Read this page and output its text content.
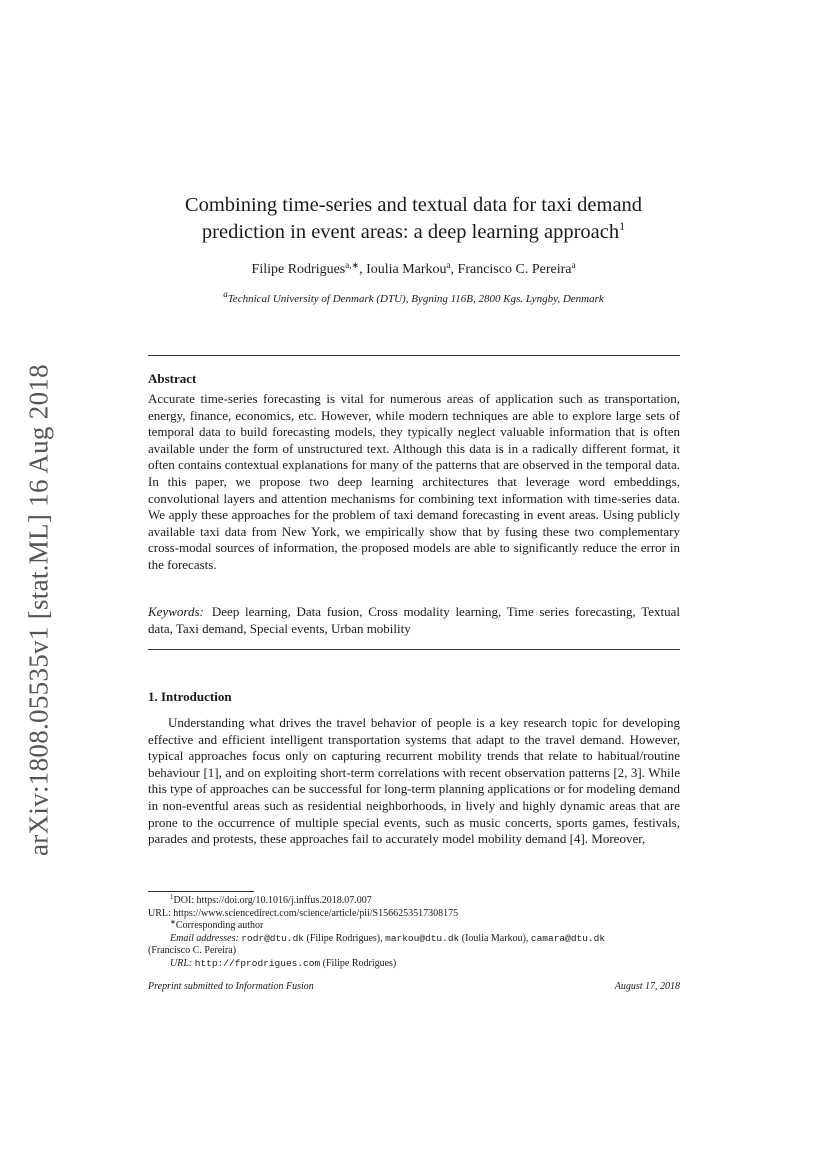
arXiv:1808.05535v1 [stat.ML] 16 Aug 2018
Combining time-series and textual data for taxi demand
prediction in event areas: a deep learning approach$^1$
Filipe Rodrigues$^{a,∗}$, Ioulia Markou$^a$, Francisco C. Pereira$^a$
$^a$Technical University of Denmark (DTU), Bygning 116B, 2800 Kgs. Lyngby, Denmark
Abstract
Accurate time-series forecasting is vital for numerous areas of application such as transportation, energy, finance, economics, etc. However, while modern techniques are able to explore large sets of temporal data to build forecasting models, they typically neglect valuable information that is often available under the form of unstructured text. Although this data is in a radically different format, it often contains contextual explanations for many of the patterns that are observed in the temporal data. In this paper, we propose two deep learning architectures that leverage word embeddings, convolutional layers and attention mechanisms for combining text information with time-series data. We apply these approaches for the problem of taxi demand forecasting in event areas. Using publicly available taxi data from New York, we empirically show that by fusing these two complementary cross-modal sources of information, the proposed models are able to significantly reduce the error in the forecasts.
Keywords: Deep learning, Data fusion, Cross modality learning, Time series forecasting, Textual data, Taxi demand, Special events, Urban mobility
1. Introduction
Understanding what drives the travel behavior of people is a key research topic for developing effective and efficient intelligent transportation systems that adapt to the travel demand. However, typical approaches focus only on capturing recurrent mobility trends that relate to habitual/routine behaviour [1], and on exploiting short-term correlations with recent observation patterns [2, 3]. While this type of approaches can be successful for long-term planning applications or for modeling demand in non-eventful areas such as residential neighborhoods, in lively and highly dynamic areas that are prone to the occurrence of multiple special events, such as music concerts, sports games, festivals, parades and protests, these approaches fail to accurately model mobility demand [4]. Moreover,
$^1$DOI: https://doi.org/10.1016/j.inffus.2018.07.007
URL: https://www.sciencedirect.com/science/article/pii/S1566253517308175
∗Corresponding author
Email addresses: rodr@dtu.dk (Filipe Rodrigues), markou@dtu.dk (Ioulia Markou), camara@dtu.dk
(Francisco C. Pereira)
URL: http://fprodrigues.com (Filipe Rodrigues)
Preprint submitted to Information Fusion	August 17, 2018
